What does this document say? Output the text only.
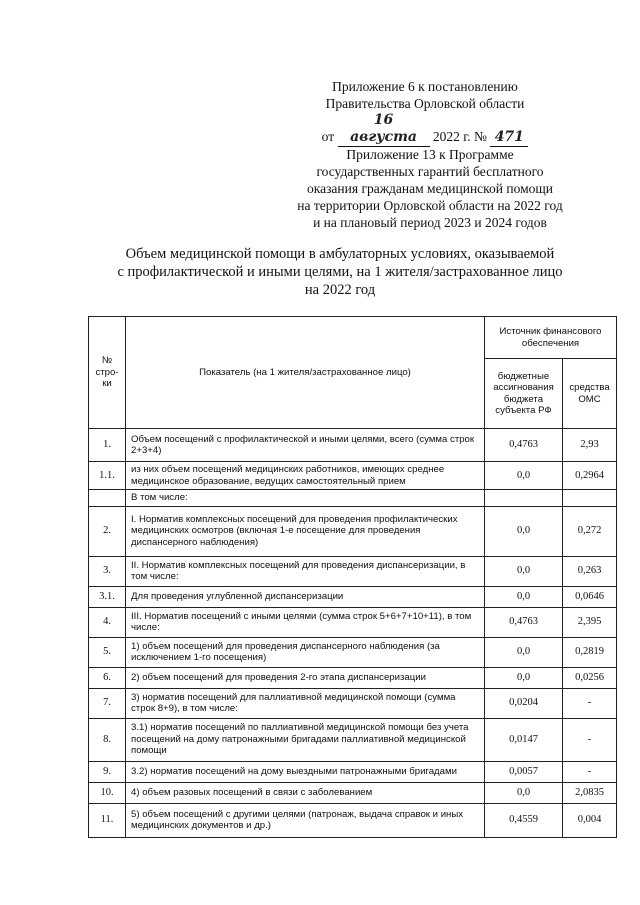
Приложение 6 к постановлению
Правительства Орловской области
от 16 августа 2022 г. № 471
Приложение 13 к Программе
государственных гарантий бесплатного
оказания гражданам медицинской помощи
на территории Орловской области на 2022 год
и на плановый период 2023 и 2024 годов
Объем медицинской помощи в амбулаторных условиях, оказываемой
с профилактической и иными целями, на 1 жителя/застрахованное лицо
на 2022 год
№ стро-ки	Показатель (на 1 жителя/застрахованное лицо)	Источник финансового обеспечения	
		бюджетные ассигнования бюджета субъекта РФ	средства ОМС
1.	Объем посещений с профилактической и иными целями, всего (сумма строк 2+3+4)	0,4763	2,93
1.1.	из них объем посещений медицинских работников, имеющих среднее медицинское образование, ведущих самостоятельный прием	0,0	0,2964
	В том числе:		
2.	I. Норматив комплексных посещений для проведения профилактических медицинских осмотров (включая 1-е посещение для проведения диспансерного наблюдения)	0,0	0,272
3.	II. Норматив комплексных посещений для проведения диспансеризации, в том числе:	0,0	0,263
3.1.	Для проведения углубленной диспансеризации	0,0	0,0646
4.	III. Норматив посещений с иными целями (сумма строк 5+6+7+10+11), в том числе:	0,4763	2,395
5.	1) объем посещений для проведения диспансерного наблюдения (за исключением 1-го посещения)	0,0	0,2819
6.	2) объем посещений для проведения 2-го этапа диспансеризации	0,0	0,0256
7.	3) норматив посещений для паллиативной медицинской помощи (сумма строк 8+9), в том числе:	0,0204	-
8.	3.1) норматив посещений по паллиативной медицинской помощи без учета посещений на дому патронажными бригадами паллиативной медицинской помощи	0,0147	-
9.	3.2) норматив посещений на дому выездными патронажными бригадами	0,0057	-
10.	4) объем разовых посещений в связи с заболеванием	0,0	2,0835
11.	5) объем посещений с другими целями (патронаж, выдача справок и иных медицинских документов и др.)	0,4559	0,004
